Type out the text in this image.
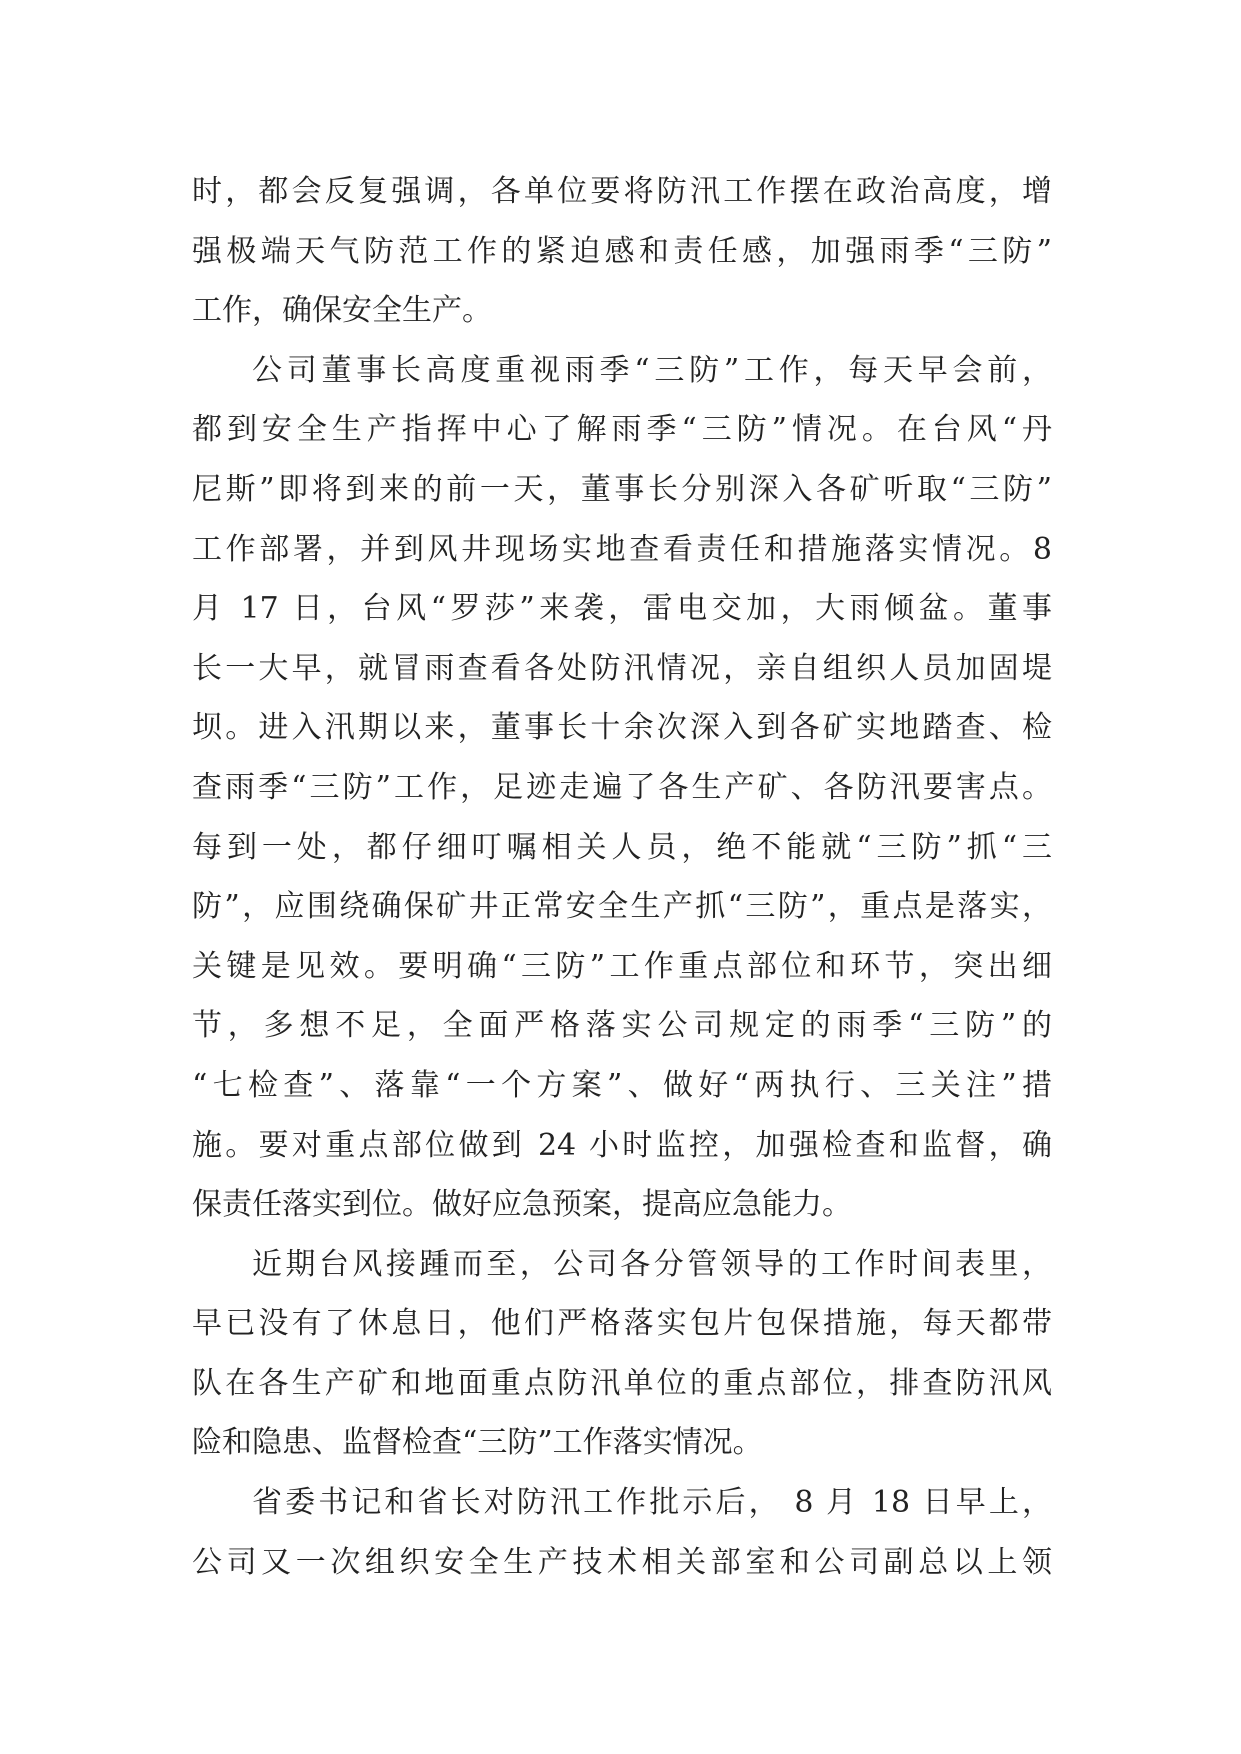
时，都会反复强调，各单位要将防汛工作摆在政治高度，增
强极端天气防范工作的紧迫感和责任感，加强雨季“三防”
工作，确保安全生产。
公司董事长高度重视雨季“三防”工作，每天早会前，
都到安全生产指挥中心了解雨季“三防”情况。在台风“丹
尼斯”即将到来的前一天，董事长分别深入各矿听取“三防”
工作部署，并到风井现场实地查看责任和措施落实情况。8
月 17 日，台风“罗莎”来袭，雷电交加，大雨倾盆。董事
长一大早，就冒雨查看各处防汛情况，亲自组织人员加固堤
坝。进入汛期以来，董事长十余次深入到各矿实地踏查、检
查雨季“三防”工作，足迹走遍了各生产矿、各防汛要害点。
每到一处，都仔细叮嘱相关人员，绝不能就“三防”抓“三
防”，应围绕确保矿井正常安全生产抓“三防”，重点是落实，
关键是见效。要明确“三防”工作重点部位和环节，突出细
节，多想不足，全面严格落实公司规定的雨季“三防”的
“七检查”、落靠“一个方案”、做好“两执行、三关注”措
施。要对重点部位做到 24 小时监控，加强检查和监督，确
保责任落实到位。做好应急预案，提高应急能力。
近期台风接踵而至，公司各分管领导的工作时间表里，
早已没有了休息日，他们严格落实包片包保措施，每天都带
队在各生产矿和地面重点防汛单位的重点部位，排查防汛风
险和隐患、监督检查“三防”工作落实情况。
省委书记和省长对防汛工作批示后， 8 月 18 日早上，
公司又一次组织安全生产技术相关部室和公司副总以上领
